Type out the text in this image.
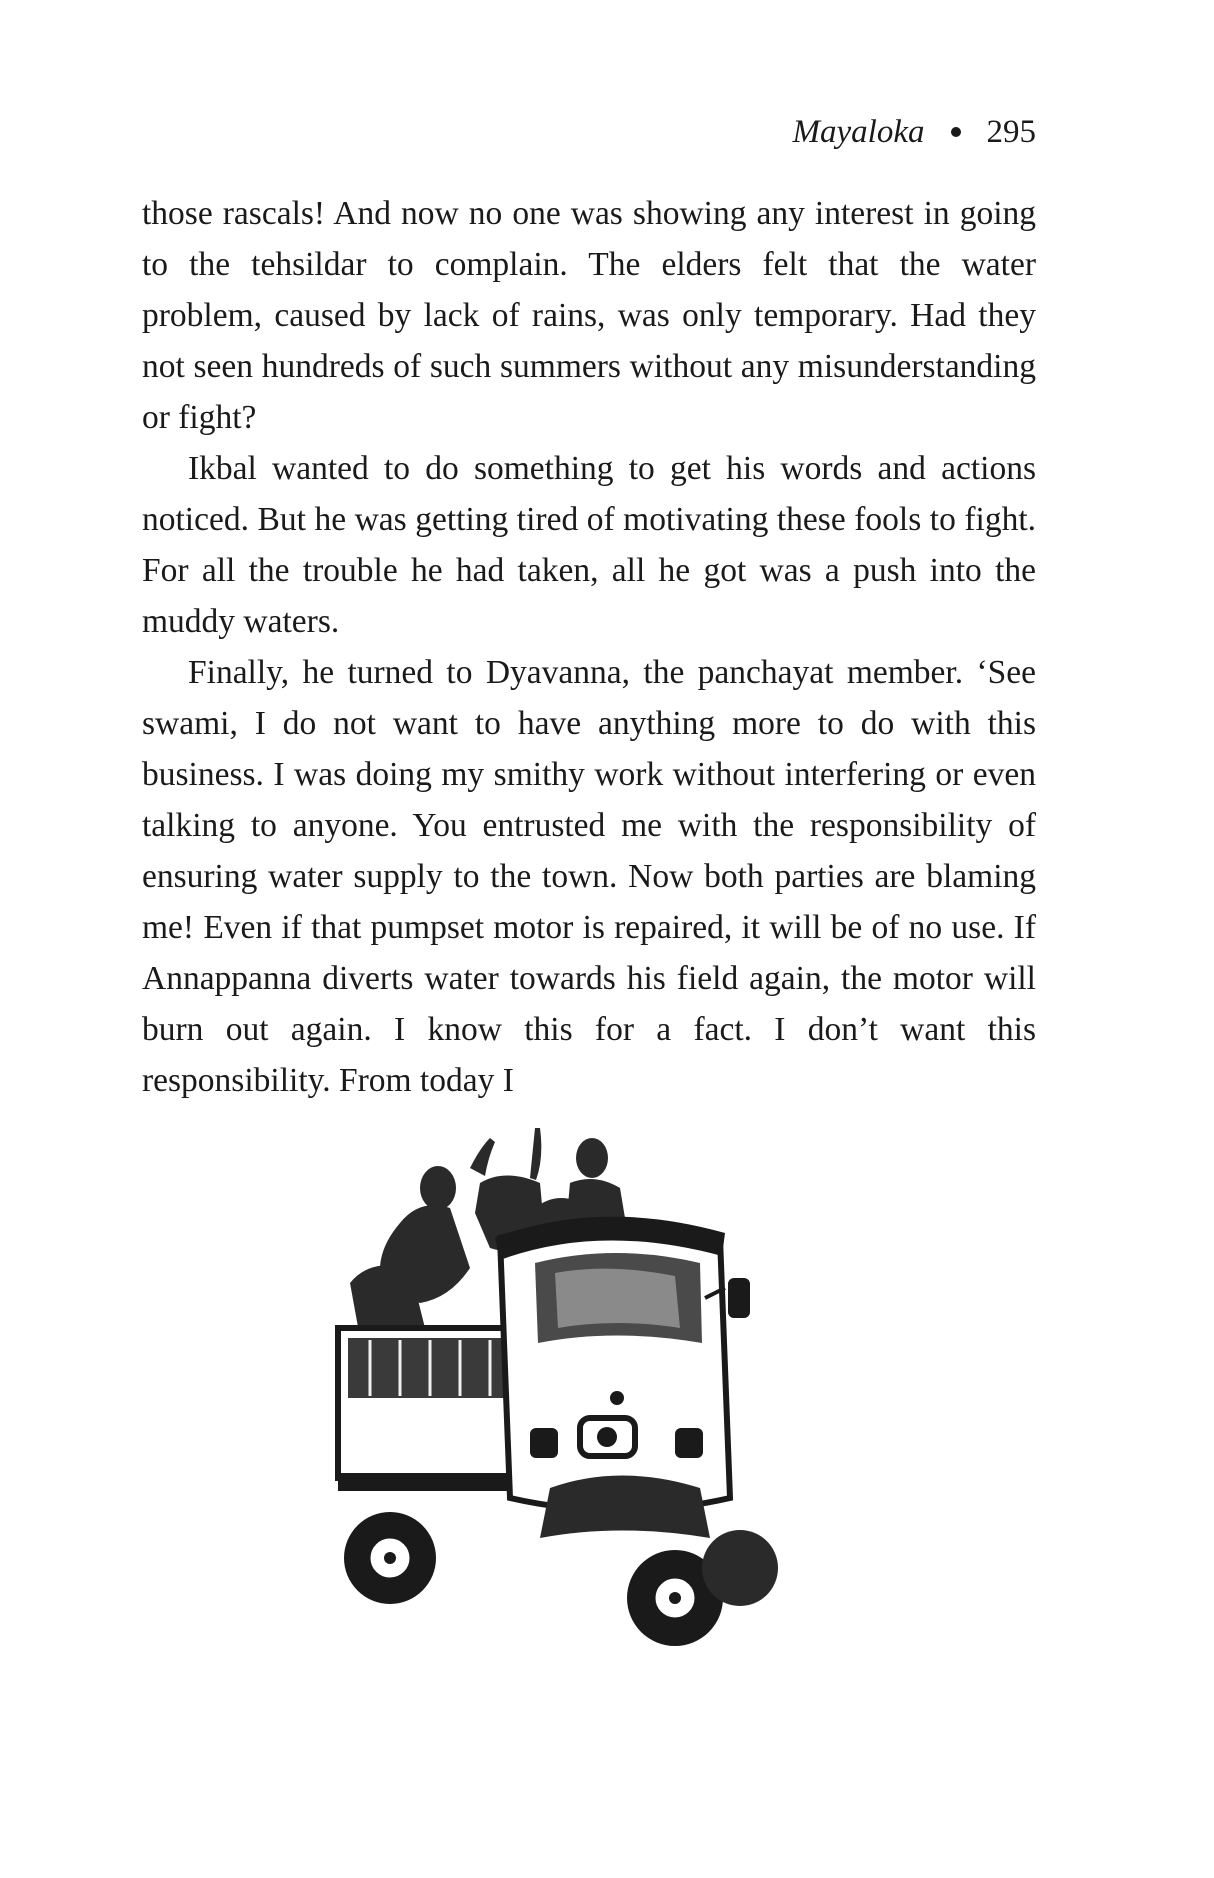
Mayaloka 295

those rascals! And now no one was showing any interest in going to the tehsildar to complain. The elders felt that the water problem, caused by lack of rains, was only temporary. Had they not seen hundreds of such summers without any misunderstanding or fight?

Ikbal wanted to do something to get his words and actions noticed. But he was getting tired of motivating these fools to fight. For all the trouble he had taken, all he got was a push into the muddy waters.

Finally, he turned to Dyavanna, the panchayat member. ‘See swami, I do not want to have anything more to do with this business. I was doing my smithy work without interfering or even talking to anyone. You entrusted me with the responsibility of ensuring water supply to the town. Now both parties are blaming me! Even if that pumpset motor is repaired, it will be of no use. If Annappanna diverts water towards his field again, the motor will burn out again. I know this for a fact. I don’t want this responsibility. From today I
